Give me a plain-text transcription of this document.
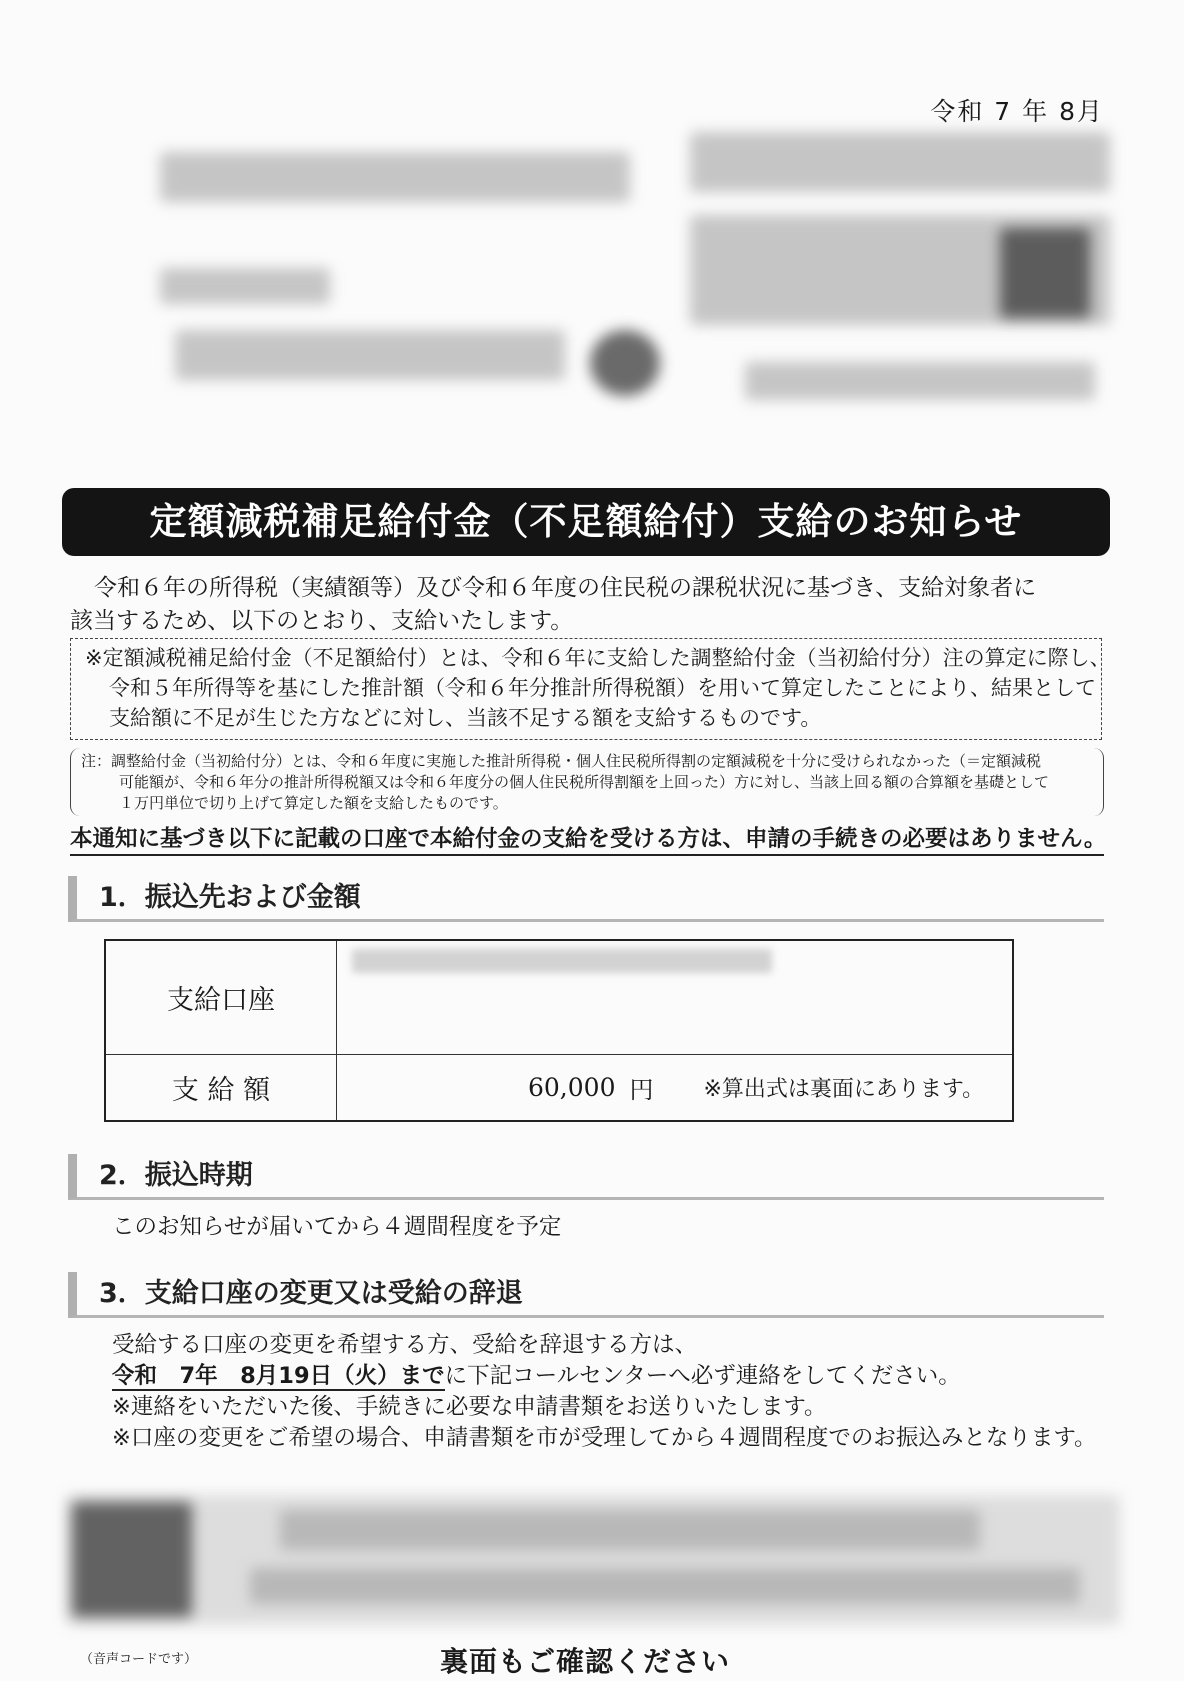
令和 7 年 8月
定額減税補足給付金（不足額給付）支給のお知らせ
令和６年の所得税（実績額等）及び令和６年度の住民税の課税状況に基づき、支給対象者に
該当するため、以下のとおり、支給いたします。
※定額減税補足給付金（不足額給付）とは、令和６年に支給した調整給付金（当初給付分）注の算定に際し、
令和５年所得等を基にした推計額（令和６年分推計所得税額）を用いて算定したことにより、結果として
支給額に不足が生じた方などに対し、当該不足する額を支給するものです。
注：調整給付金（当初給付分）とは、令和６年度に実施した推計所得税・個人住民税所得割の定額減税を十分に受けられなかった（＝定額減税
可能額が、令和６年分の推計所得税額又は令和６年度分の個人住民税所得割額を上回った）方に対し、当該上回る額の合算額を基礎として
１万円単位で切り上げて算定した額を支給したものです。
本通知に基づき以下に記載の口座で本給付金の支給を受ける方は、申請の手続きの必要はありません。
1．振込先および金額
支給口座	
支 給 額	60,000 円 ※算出式は裏面にあります。
2．振込時期
このお知らせが届いてから４週間程度を予定
3．支給口座の変更又は受給の辞退
受給する口座の変更を希望する方、受給を辞退する方は、
令和　7年　8月19日（火）までに下記コールセンターへ必ず連絡をしてください。
※連絡をいただいた後、手続きに必要な申請書類をお送りいたします。
※口座の変更をご希望の場合、申請書類を市が受理してから４週間程度でのお振込みとなります。
（音声コードです）	裏面もご確認ください
